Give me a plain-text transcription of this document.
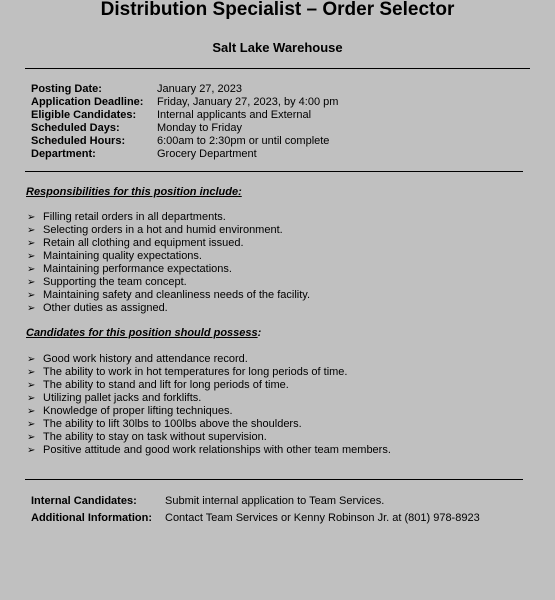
Distribution Specialist – Order Selector
Salt Lake Warehouse
Posting Date:	January 27, 2023
Application Deadline:	Friday, January 27, 2023, by 4:00 pm
Eligible Candidates:	Internal applicants and External
Scheduled Days:	Monday to Friday
Scheduled Hours:	6:00am to 2:30pm or until complete
Department:	Grocery Department
Responsibilities for this position include:
➢ Filling retail orders in all departments.
➢ Selecting orders in a hot and humid environment.
➢ Retain all clothing and equipment issued.
➢ Maintaining quality expectations.
➢ Maintaining performance expectations.
➢ Supporting the team concept.
➢ Maintaining safety and cleanliness needs of the facility.
➢ Other duties as assigned.
Candidates for this position should possess:
➢ Good work history and attendance record.
➢ The ability to work in hot temperatures for long periods of time.
➢ The ability to stand and lift for long periods of time.
➢ Utilizing pallet jacks and forklifts.
➢ Knowledge of proper lifting techniques.
➢ The ability to lift 30lbs to 100lbs above the shoulders.
➢ The ability to stay on task without supervision.
➢ Positive attitude and good work relationships with other team members.
Internal Candidates:	Submit internal application to Team Services.
Additional Information:	Contact Team Services or Kenny Robinson Jr. at (801) 978-8923
